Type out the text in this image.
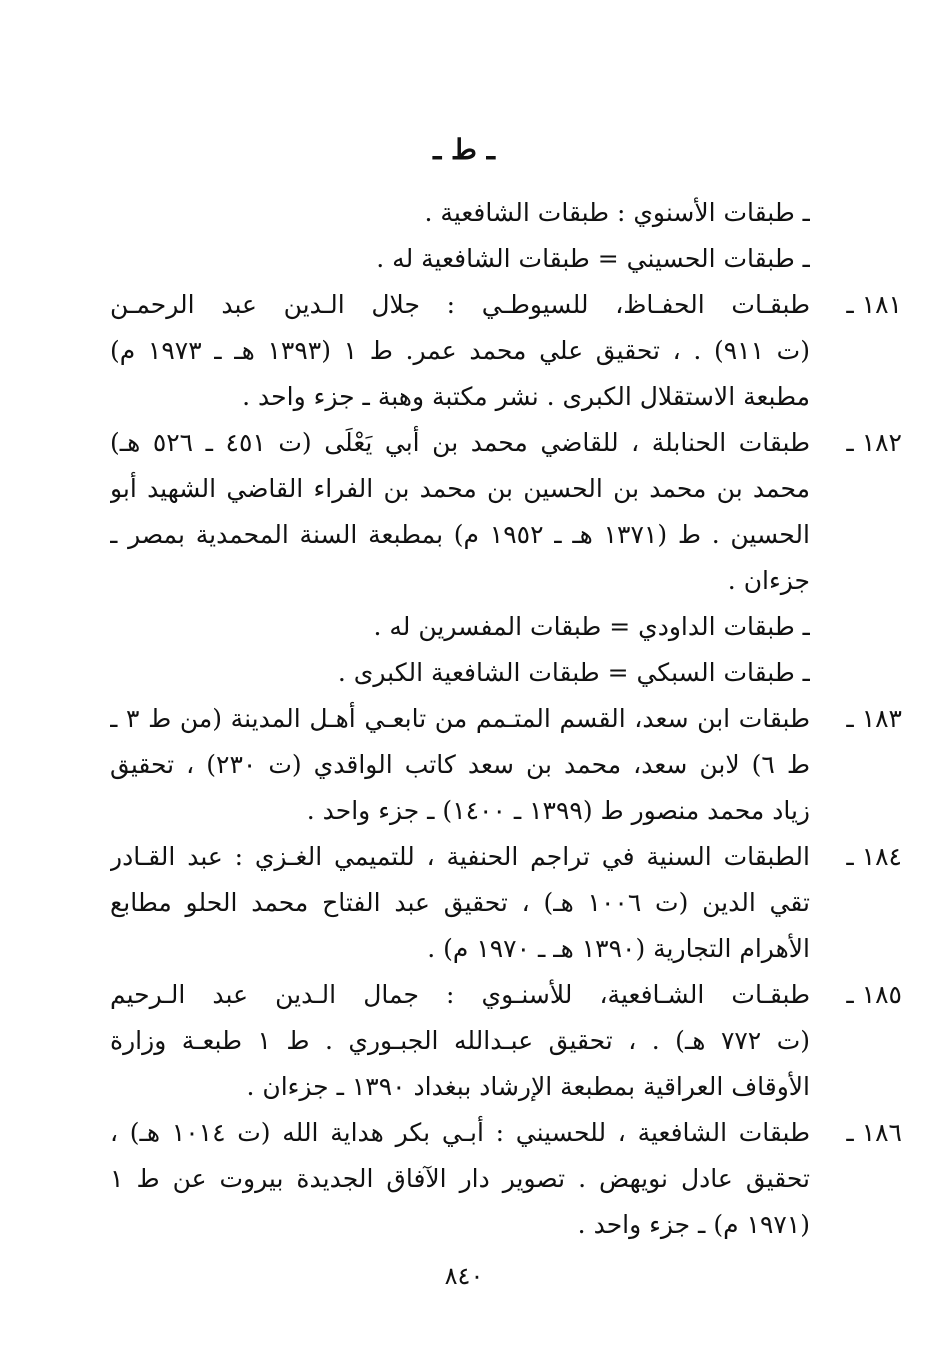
ـ ط ـ
ـ طبقات الأسنوي : طبقات الشافعية .
ـ طبقات الحسيني = طبقات الشافعية له .
١٨١ ـ
طبقـات الحفـاظ، للسيوطـي : جلال الـدين عبد الرحمـن
(ت ٩١١) . ، تحقيق علي محمد عمر. ط ١ (١٣٩٣ هـ ـ ١٩٧٣ م)
مطبعة الاستقلال الكبرى . نشر مكتبة وهبة ـ جزء واحد .
١٨٢ ـ
طبقات الحنابلة ، للقاضي محمد بن أبي يَعْلَى (ت ٤٥١ ـ ٥٢٦ هـ)
محمد بن محمد بن الحسين بن محمد بن الفراء القاضي الشهيد أبو
الحسين . ط (١٣٧١ هـ ـ ١٩٥٢ م) بمطبعة السنة المحمدية بمصر ـ
جزءان .
ـ طبقات الداودي = طبقات المفسرين له .
ـ طبقات السبكي = طبقات الشافعية الكبرى .
١٨٣ ـ
طبقات ابن سعد، القسم المتـمم من تابعـي أهـل المدينة (من ط ٣ ـ
ط ٦) لابن سعد، محمد بن سعد كاتب الواقدي (ت ٢٣٠) ، تحقيق
زياد محمد منصور ط (١٣٩٩ ـ ١٤٠٠) ـ جزء واحد .
١٨٤ ـ
الطبقات السنية في تراجم الحنفية ، للتميمي الغـزي : عبد القـادر
تقي الدين (ت ١٠٠٦ هـ) ، تحقيق عبد الفتاح محمد الحلو مطابع
الأهرام التجارية (١٣٩٠ هـ ـ ١٩٧٠ م) .
١٨٥ ـ
طبقـات الشـافعية، للأسنـوي : جمال الـدين عبد الـرحيم
(ت ٧٧٢ هـ) . ، تحقيق عبـدالله الجبـوري . ط ١ طبعـة وزارة
الأوقاف العراقية بمطبعة الإرشاد ببغداد ١٣٩٠ ـ جزءان .
١٨٦ ـ
طبقات الشافعية ، للحسيني : أبـي بكر هداية الله (ت ١٠١٤ هـ) ،
تحقيق عادل نويهض . تصوير دار الآفاق الجديدة بيروت عن ط ١
(١٩٧١ م) ـ جزء واحد .
٨٤٠
